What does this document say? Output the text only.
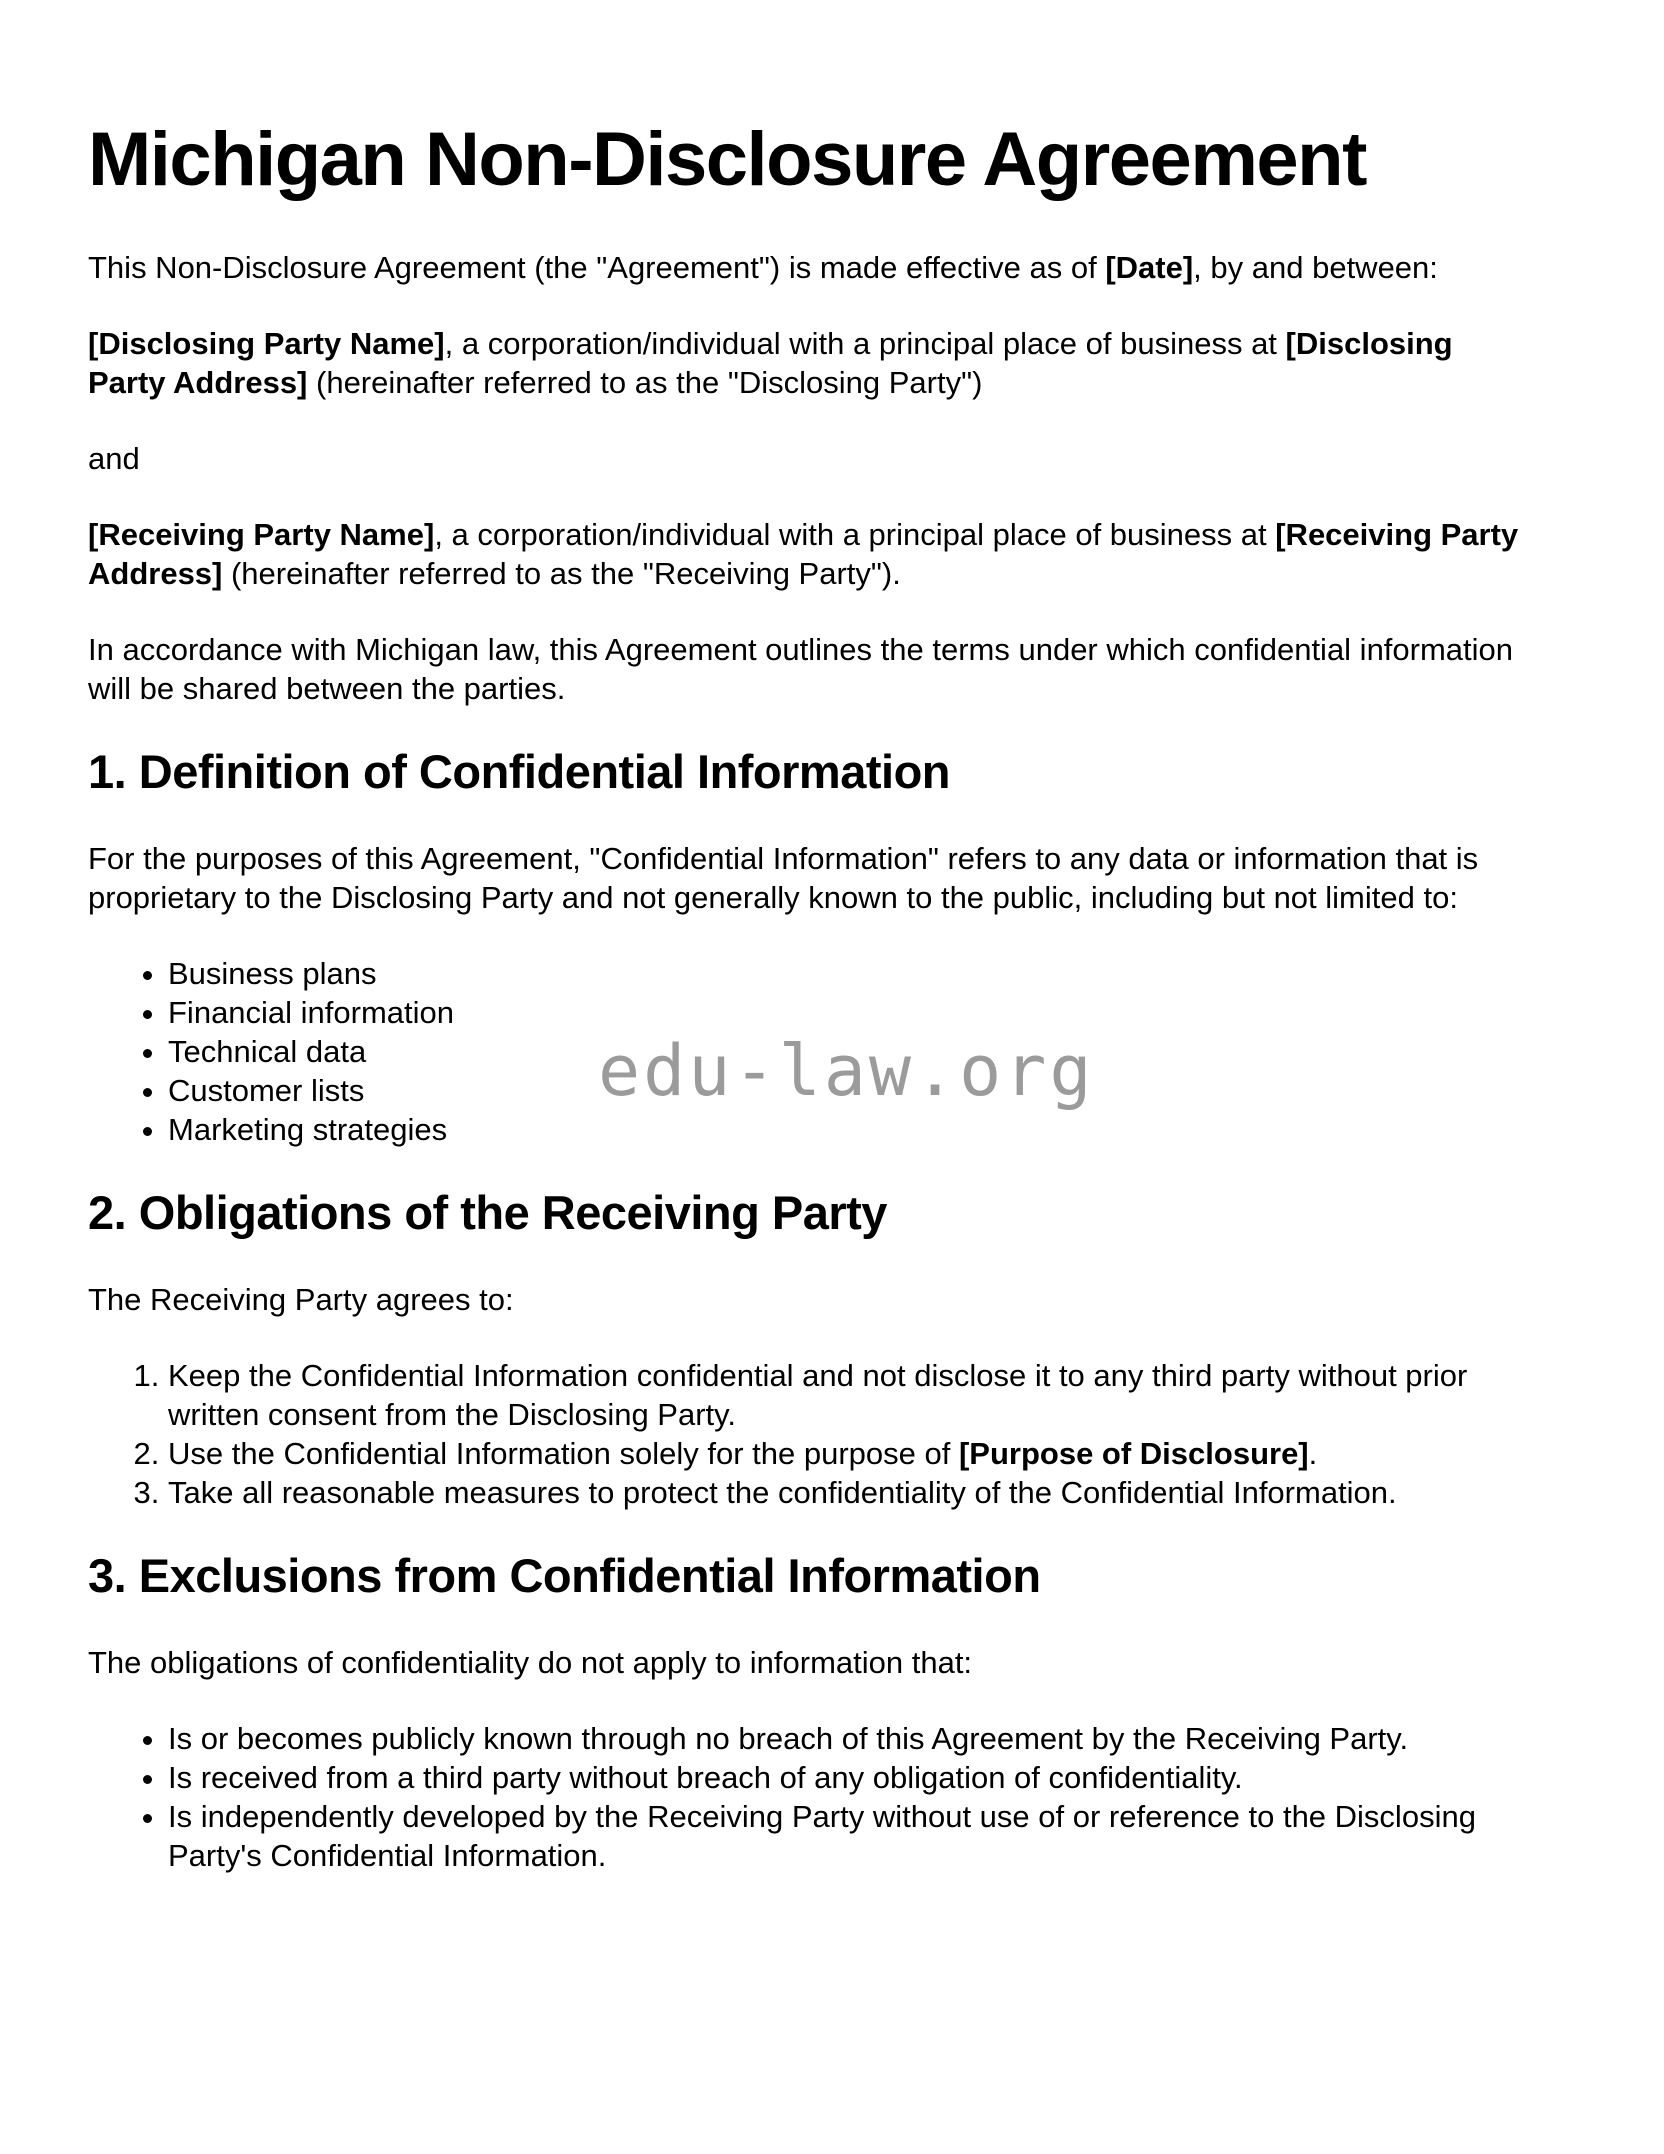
Michigan Non-Disclosure Agreement

This Non-Disclosure Agreement (the "Agreement") is made effective as of [Date], by and between:

[Disclosing Party Name], a corporation/individual with a principal place of business at [Disclosing Party Address] (hereinafter referred to as the "Disclosing Party")

and

[Receiving Party Name], a corporation/individual with a principal place of business at [Receiving Party Address] (hereinafter referred to as the "Receiving Party").

In accordance with Michigan law, this Agreement outlines the terms under which confidential information will be shared between the parties.

1. Definition of Confidential Information

For the purposes of this Agreement, "Confidential Information" refers to any data or information that is proprietary to the Disclosing Party and not generally known to the public, including but not limited to:

• Business plans
• Financial information
• Technical data
• Customer lists
• Marketing strategies
2. Obligations of the Receiving Party

The Receiving Party agrees to:

1. Keep the Confidential Information confidential and not disclose it to any third party without prior written consent from the Disclosing Party.
2. Use the Confidential Information solely for the purpose of [Purpose of Disclosure].
3. Take all reasonable measures to protect the confidentiality of the Confidential Information.
3. Exclusions from Confidential Information

The obligations of confidentiality do not apply to information that:

• Is or becomes publicly known through no breach of this Agreement by the Receiving Party.
• Is received from a third party without breach of any obligation of confidentiality.
• Is independently developed by the Receiving Party without use of or reference to the Disclosing Party's Confidential Information.
edu-law.org
